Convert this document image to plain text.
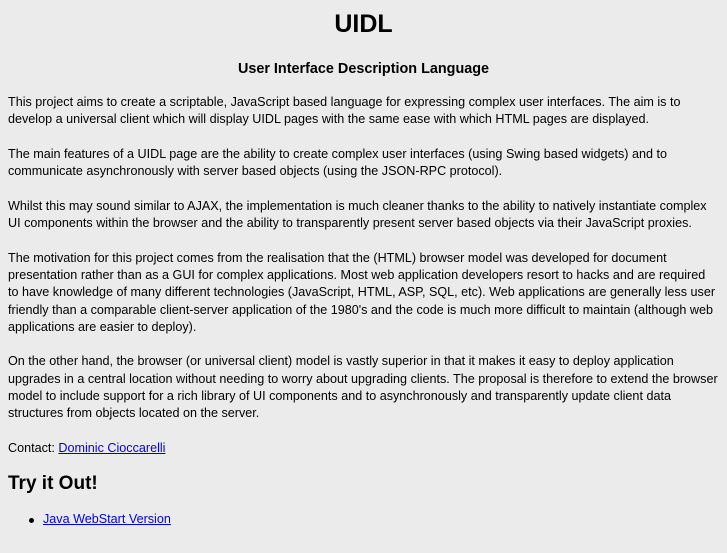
UIDL
User Interface Description Language

This project aims to create a scriptable, JavaScript based language for expressing complex user interfaces. The aim is to develop a universal client which will display UIDL pages with the same ease with which HTML pages are displayed.

The main features of a UIDL page are the ability to create complex user interfaces (using Swing based widgets) and to communicate asynchronously with server based objects (using the JSON-RPC protocol).

Whilst this may sound similar to AJAX, the implementation is much cleaner thanks to the ability to natively instantiate complex UI components within the browser and the ability to transparently present server based objects via their JavaScript proxies.

The motivation for this project comes from the realisation that the (HTML) browser model was developed for document presentation rather than as a GUI for complex applications. Most web application developers resort to hacks and are required to have knowledge of many different technologies (JavaScript, HTML, ASP, SQL, etc). Web applications are generally less user friendly than a comparable client-server application of the 1980's and the code is much more difficult to maintain (although web applications are easier to deploy).

On the other hand, the browser (or universal client) model is vastly superior in that it makes it easy to deploy application upgrades in a central location without needing to worry about upgrading clients. The proposal is therefore to extend the browser model to include support for a rich library of UI components and to asynchronously and transparently update client data structures from objects located on the server.

Contact: Dominic Cioccarelli

Try it Out!
Java WebStart Version
